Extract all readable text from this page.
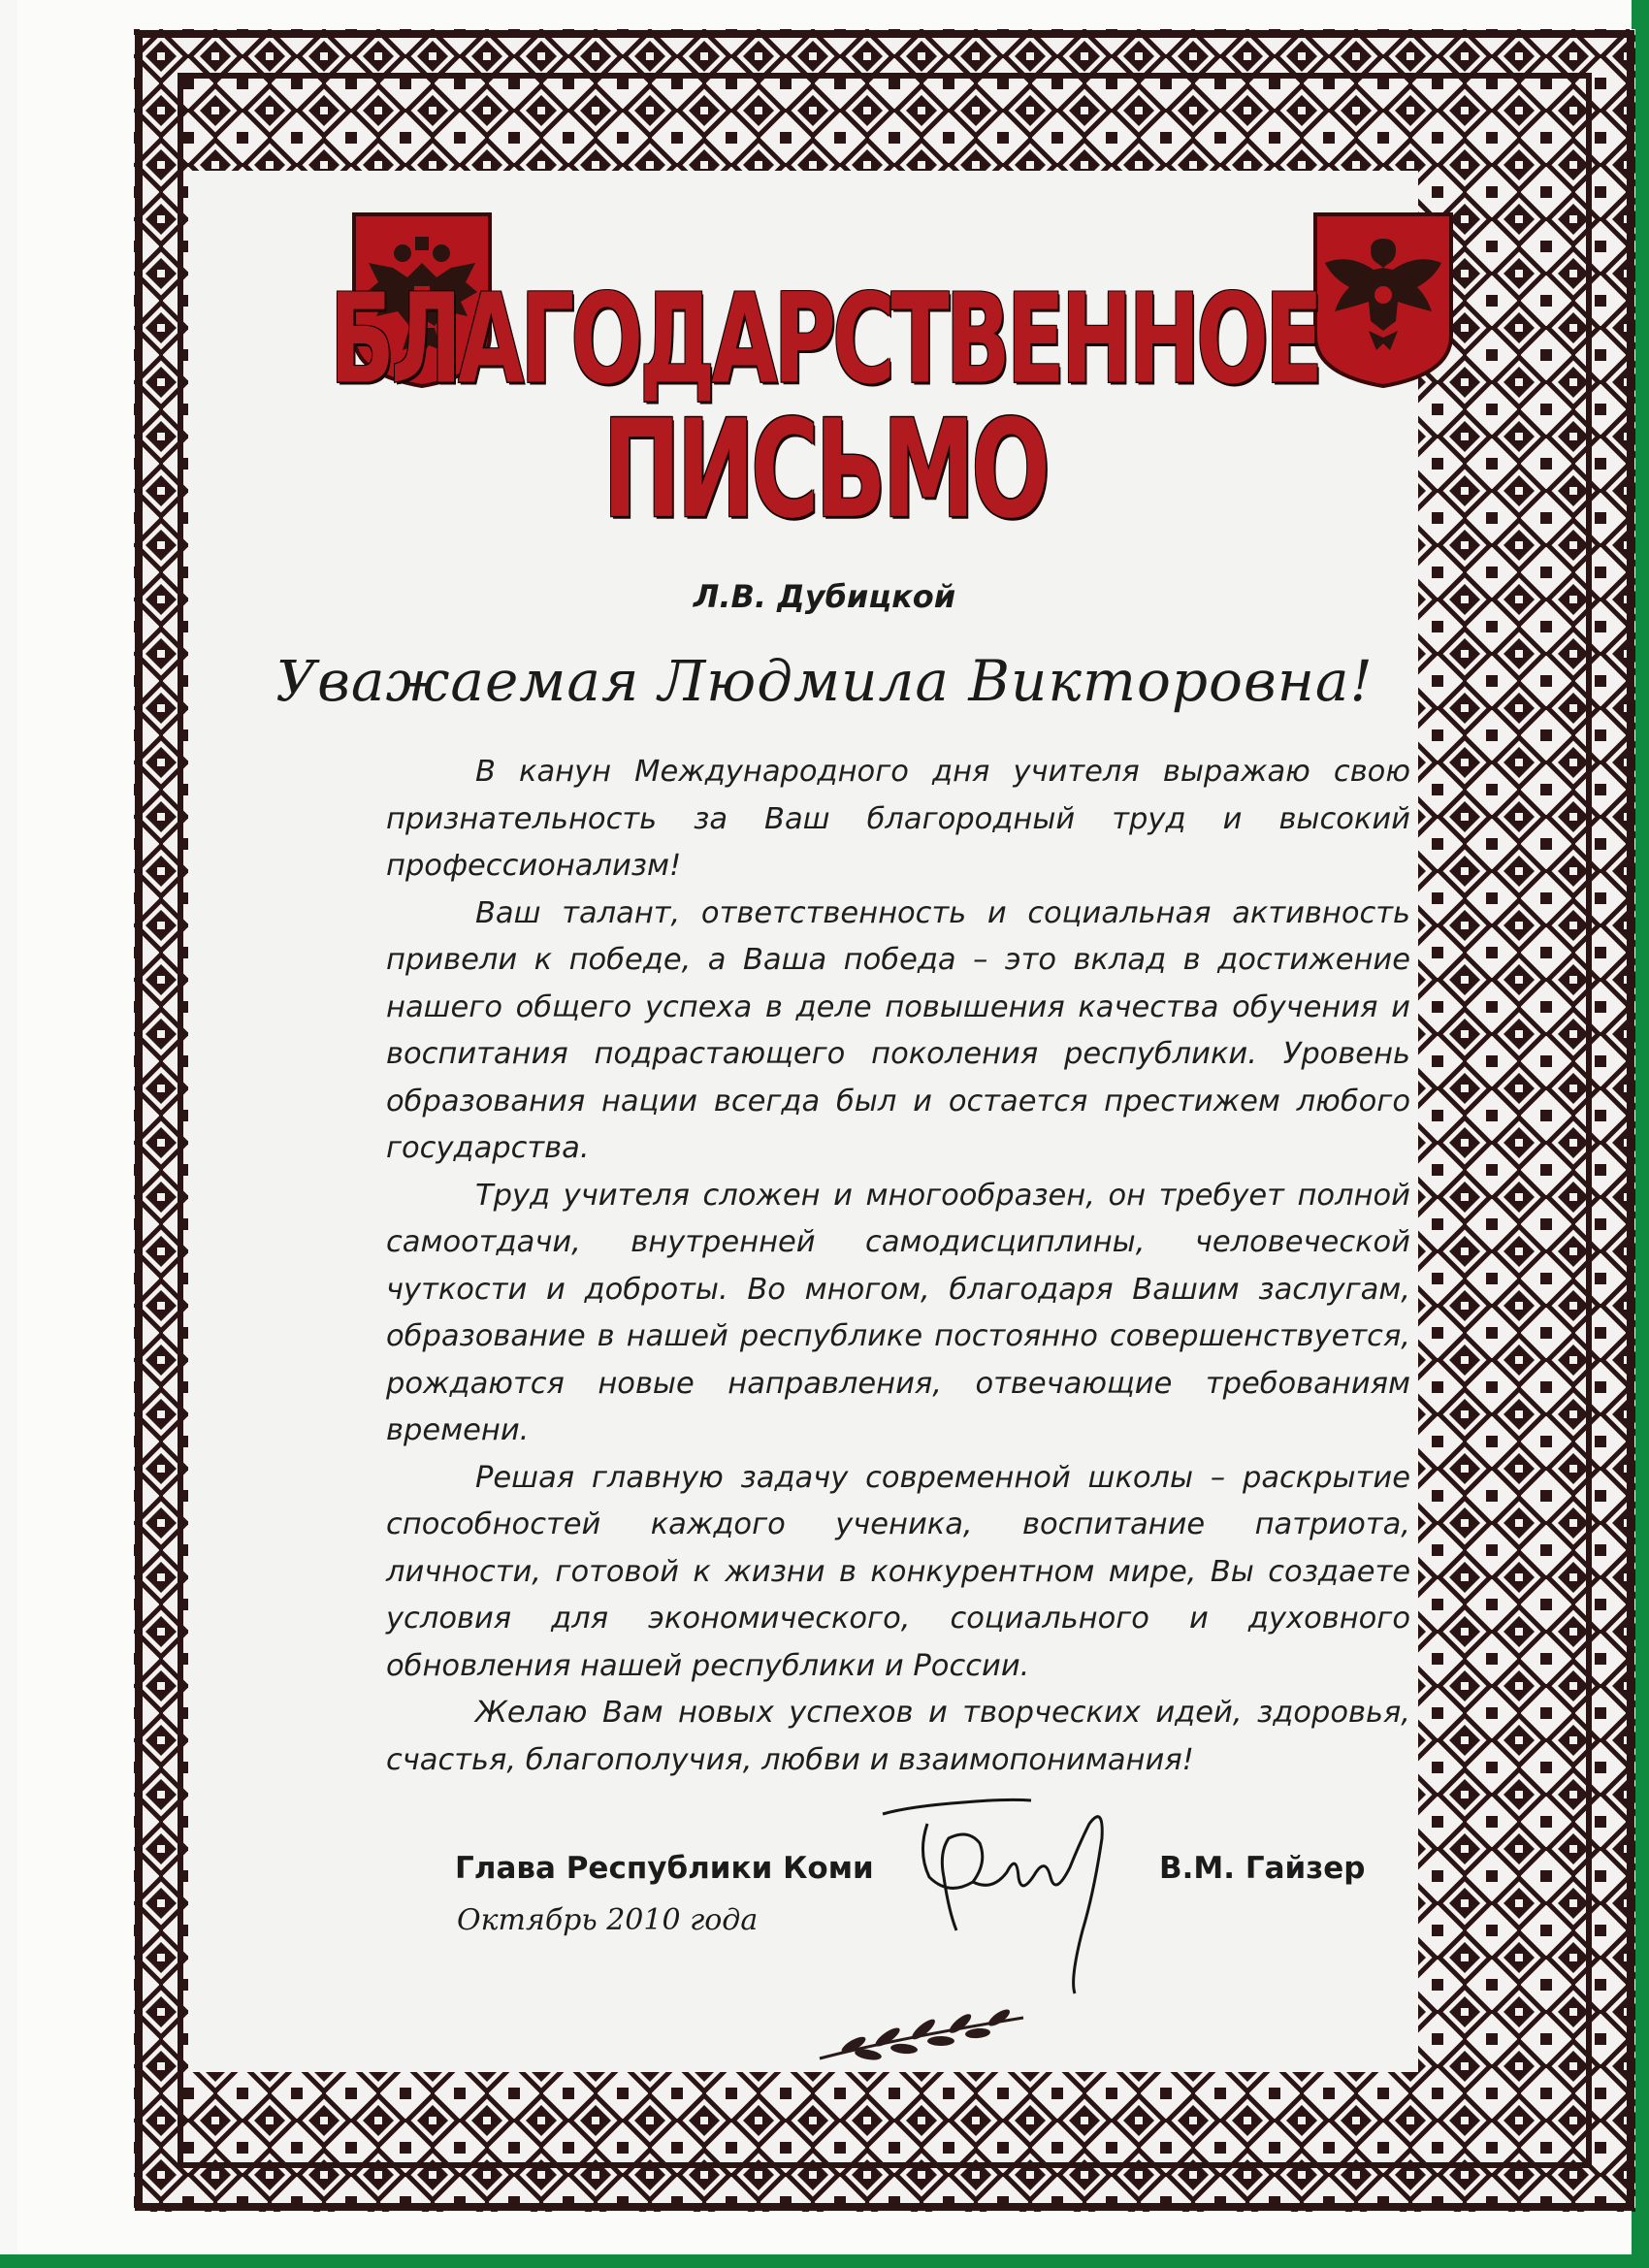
БЛАГОДАРСТВЕННОЕ
ПИСЬМО
Л.В. Дубицкой
Уважаемая Людмила Викторовна!

В канун Международного дня учителя выражаю свою признательность за Ваш благородный труд и высокий профессионализм!

Ваш талант, ответственность и социальная активность привели к победе, а Ваша победа – это вклад в достижение нашего общего успеха в деле повышения качества обучения и воспитания подрастающего поколения республики. Уровень образования нации всегда был и остается престижем любого государства.

Труд учителя сложен и многообразен, он требует полной самоотдачи, внутренней самодисциплины, человеческой чуткости и доброты. Во многом, благодаря Вашим заслугам, образование в нашей республике постоянно совершенствуется, рождаются новые направления, отвечающие требованиям времени.

Решая главную задачу современной школы – раскрытие способностей каждого ученика, воспитание патриота, личности, готовой к жизни в конкурентном мире, Вы создаете условия для экономического, социального и духовного обновления нашей республики и России.

Желаю Вам новых успехов и творческих идей, здоровья, счастья, благополучия, любви и взаимопонимания!

Глава Республики Коми
Октябрь 2010 года
В.М. Гайзер
